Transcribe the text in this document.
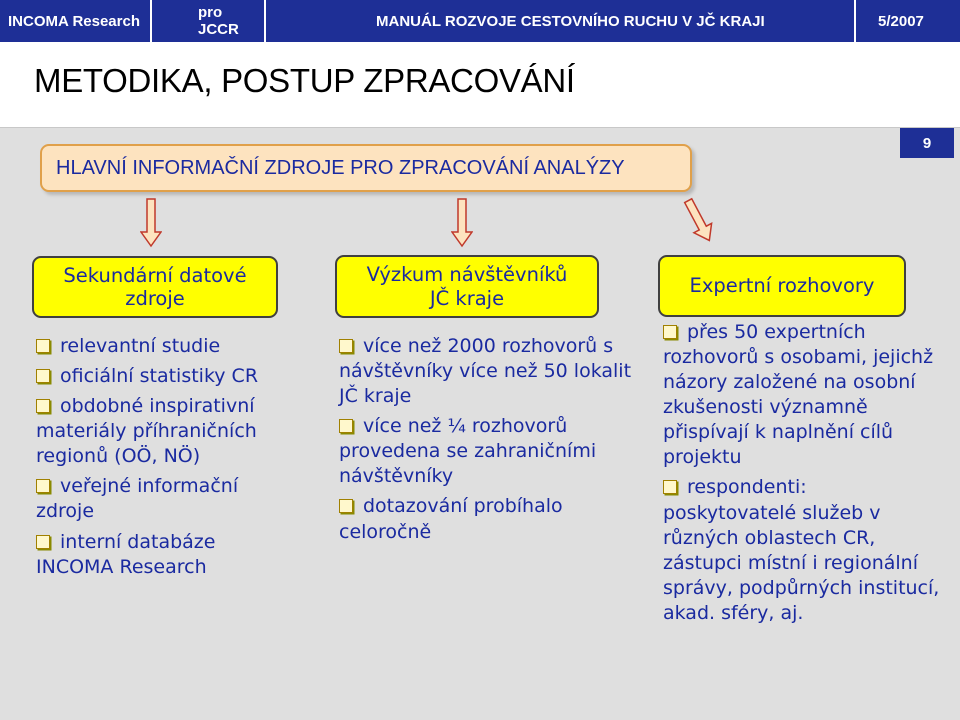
INCOMA Research	pro JCCR	MANUÁL ROZVOJE CESTOVNÍHO RUCHU V JČ KRAJI	5/2007
METODIKA, POSTUP ZPRACOVÁNÍ
9
HLAVNÍ INFORMAČNÍ ZDROJE PRO ZPRACOVÁNÍ ANALÝZY
Sekundární datové
zdroje
Výzkum návštěvníků
JČ kraje
Expertní rozhovory
relevantní studie
oficiální statistiky CR
obdobné inspirativní materiály příhraničních regionů (OÖ, NÖ)
veřejné informační zdroje
interní databáze INCOMA Research
více než 2000 rozhovorů s návštěvníky více než 50 lokalit JČ kraje
více než ¼ rozhovorů provedena se zahraničními návštěvníky
dotazování probíhalo celoročně
přes 50 expertních rozhovorů s osobami, jejichž názory založené na osobní zkušenosti významně přispívají k naplnění cílů projektu
respondenti: poskytovatelé služeb v různých oblastech CR, zástupci místní i regionální správy, podpůrných institucí, akad. sféry, aj.
